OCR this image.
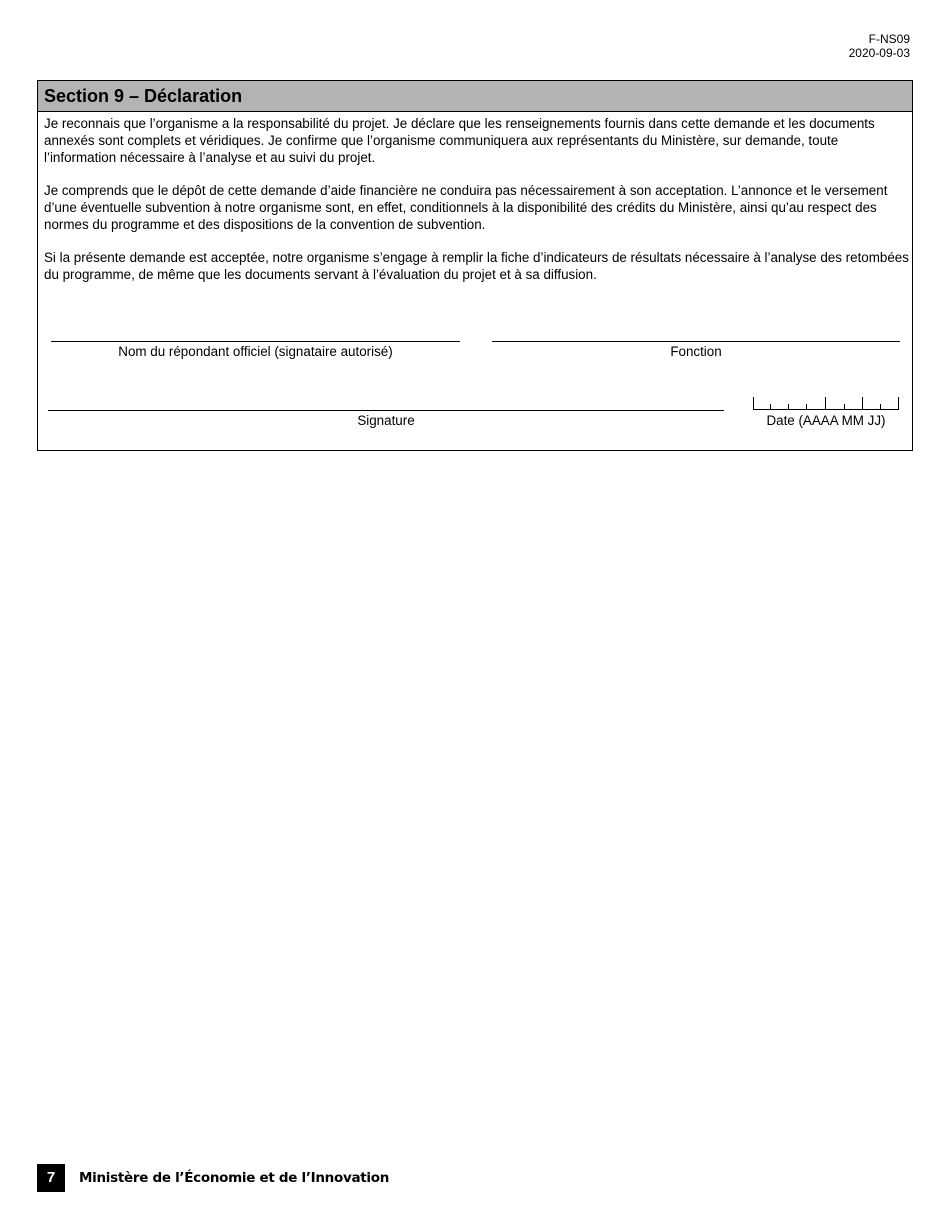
F-NS09
2020-09-03
Section 9 – Déclaration

Je reconnais que l’organisme a la responsabilité du projet. Je déclare que les renseignements fournis dans cette demande et les documents annexés sont complets et véridiques. Je confirme que l’organisme communiquera aux représentants du Ministère, sur demande, toute l’information nécessaire à l’analyse et au suivi du projet.

Je comprends que le dépôt de cette demande d’aide financière ne conduira pas nécessairement à son acceptation. L’annonce et le versement d’une éventuelle subvention à notre organisme sont, en effet, conditionnels à la disponibilité des crédits du Ministère, ainsi qu’au respect des normes du programme et des dispositions de la convention de subvention.

Si la présente demande est acceptée, notre organisme s’engage à remplir la fiche d’indicateurs de résultats nécessaire à l’analyse des retombées du programme, de même que les documents servant à l’évaluation du projet et à sa diffusion.

Nom du répondant officiel (signataire autorisé)	Fonction
Signature	Date (AAAA MM JJ)
7	Ministère de l’Économie et de l’Innovation
